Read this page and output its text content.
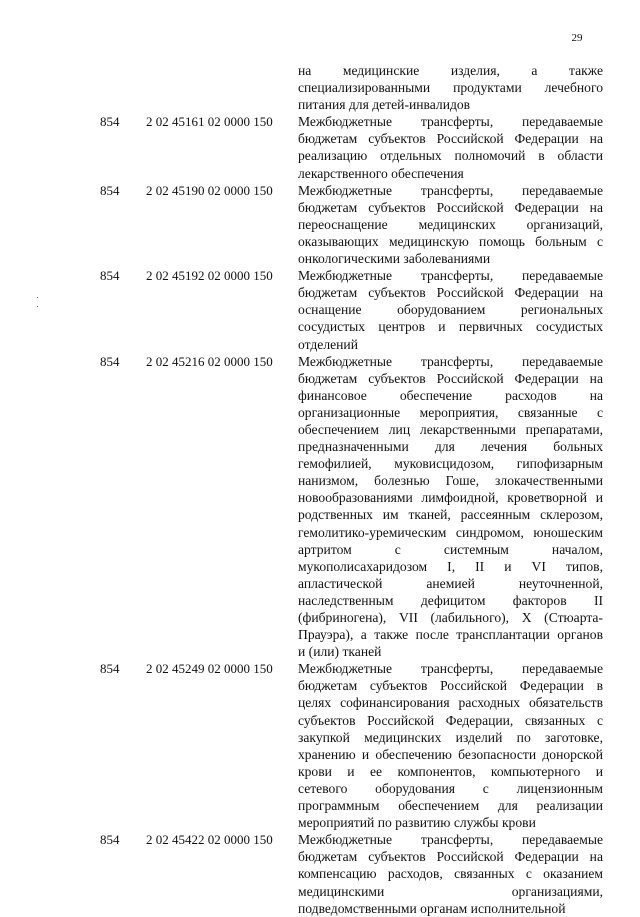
29
на медицинские изделия, а также
специализированными продуктами лечебного
питания для детей-инвалидов
854 2 02 45161 02 0000 150 Межбюджетные трансферты, передаваемые
бюджетам субъектов Российской Федерации на
реализацию отдельных полномочий в области
лекарственного обеспечения
854 2 02 45190 02 0000 150 Межбюджетные трансферты, передаваемые
бюджетам субъектов Российской Федерации на
переоснащение медицинских организаций,
оказывающих медицинскую помощь больным с
онкологическими заболеваниями
854 2 02 45192 02 0000 150 Межбюджетные трансферты, передаваемые
бюджетам субъектов Российской Федерации на
оснащение оборудованием региональных
сосудистых центров и первичных сосудистых
отделений
854 2 02 45216 02 0000 150 Межбюджетные трансферты, передаваемые
бюджетам субъектов Российской Федерации на
финансовое обеспечение расходов на
организационные мероприятия, связанные с
обеспечением лиц лекарственными препаратами,
предназначенными для лечения больных
гемофилией, муковисцидозом, гипофизарным
нанизмом, болезнью Гоше, злокачественными
новообразованиями лимфоидной, кроветворной и
родственных им тканей, рассеянным склерозом,
гемолитико-уремическим синдромом, юношеским
артритом с системным началом,
мукополисахаридозом I, II и VI типов,
апластической анемией неуточненной,
наследственным дефицитом факторов II
(фибриногена), VII (лабильного), X (Стюарта-
Прауэра), а также после трансплантации органов
и (или) тканей
854 2 02 45249 02 0000 150 Межбюджетные трансферты, передаваемые
бюджетам субъектов Российской Федерации в
целях софинансирования расходных обязательств
субъектов Российской Федерации, связанных с
закупкой медицинских изделий по заготовке,
хранению и обеспечению безопасности донорской
крови и ее компонентов, компьютерного и
сетевого оборудования с лицензионным
программным обеспечением для реализации
мероприятий по развитию службы крови
854 2 02 45422 02 0000 150 Межбюджетные трансферты, передаваемые
бюджетам субъектов Российской Федерации на
компенсацию расходов, связанных с оказанием
медицинскими организациями,
подведомственными органам исполнительной
